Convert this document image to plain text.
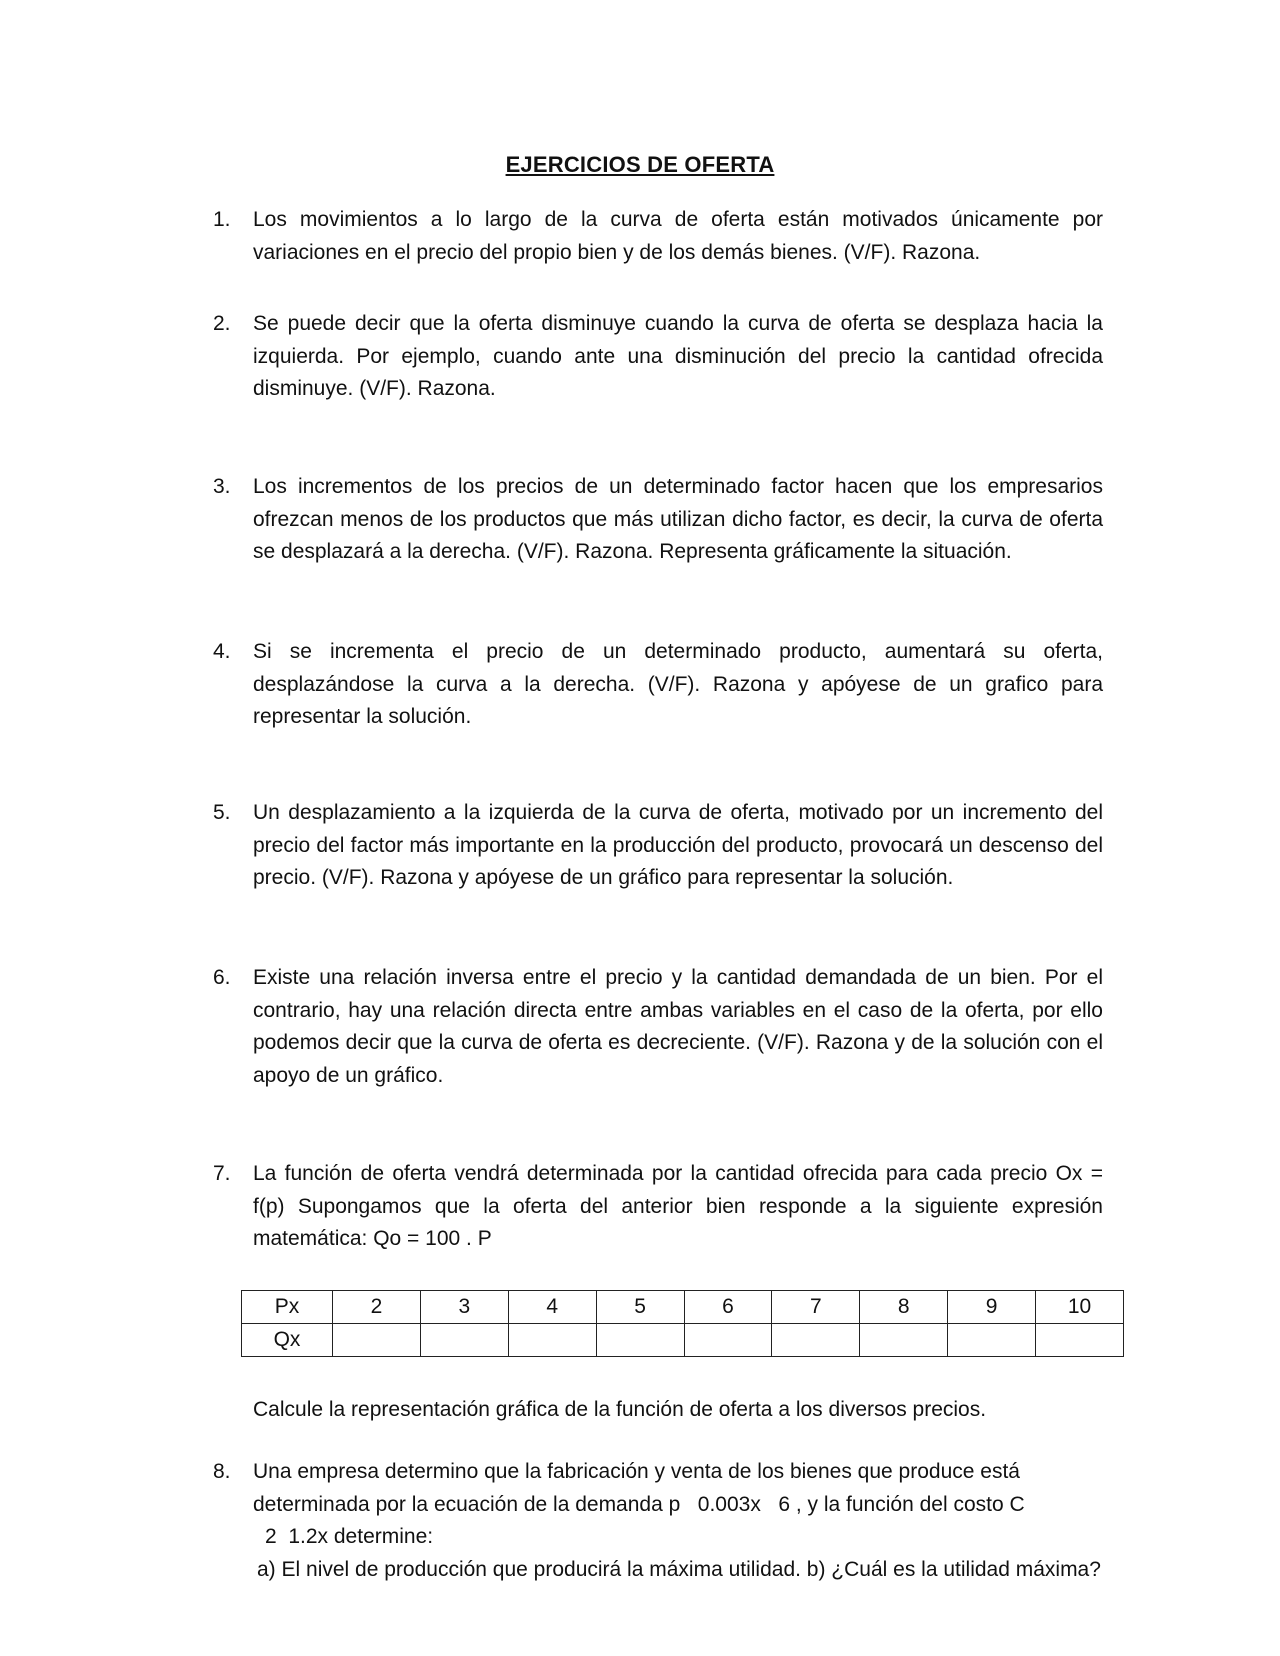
EJERCICIOS DE OFERTA
1.	Los movimientos a lo largo de la curva de oferta están motivados únicamente por variaciones en el precio del propio bien y de los demás bienes. (V/F). Razona.
2.	Se puede decir que la oferta disminuye cuando la curva de oferta se desplaza hacia la izquierda. Por ejemplo, cuando ante una disminución del precio la cantidad ofrecida disminuye. (V/F). Razona.
3.	Los incrementos de los precios de un determinado factor hacen que los empresarios ofrezcan menos de los productos que más utilizan dicho factor, es decir, la curva de oferta se desplazará a la derecha. (V/F). Razona. Representa gráficamente la situación.
4.	Si se incrementa el precio de un determinado producto, aumentará su oferta, desplazándose la curva a la derecha. (V/F). Razona y apóyese de un grafico para representar la solución.
5.	Un desplazamiento a la izquierda de la curva de oferta, motivado por un incremento del precio del factor más importante en la producción del producto, provocará un descenso del precio. (V/F). Razona y apóyese de un gráfico para representar la solución.
6.	Existe una relación inversa entre el precio y la cantidad demandada de un bien. Por el contrario, hay una relación directa entre ambas variables en el caso de la oferta, por ello podemos decir que la curva de oferta es decreciente. (V/F). Razona y de la solución con el apoyo de un gráfico.
7.	La función de oferta vendrá determinada por la cantidad ofrecida para cada precio Ox = f(p) Supongamos que la oferta del anterior bien responde a la siguiente expresión matemática: Qo = 100 . P
Px	2	3	4	5	6	7	8	9	10
Qx									
Calcule la representación gráfica de la función de oferta a los diversos precios.
8.	Una empresa determino que la fabricación y venta de los bienes que produce está
determinada por la ecuación de la demanda p   0.003x   6 , y la función del costo C
2  1.2x determine:
a) El nivel de producción que producirá la máxima utilidad. b) ¿Cuál es la utilidad máxima?
